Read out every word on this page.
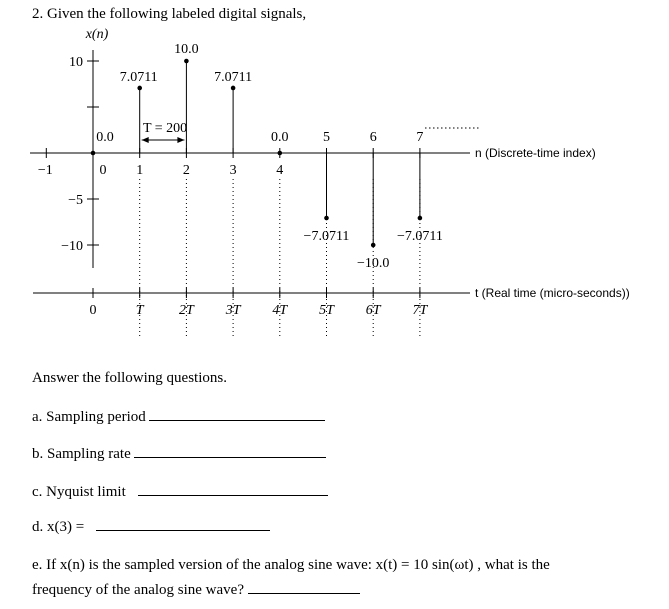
2. Given the following labeled digital signals,
x(n)
10
−5
−10
−1	0 1	2	3	4
5	6	7
0.0
7.0711
10.0
7.0711
0.0
−7.0711
−10.0
−7.0711
T = 200
0	T	2T 3T 4T 5T 6T 7T
n (Discrete-time index)
t (Real time (micro-seconds))
Answer the following questions.
a. Sampling period
b. Sampling rate
c. Nyquist limit
d. x(3) =
e. If x(n) is the sampled version of the analog sine wave: x(t) = 10 sin(ωt) , what is the
frequency of the analog sine wave?
